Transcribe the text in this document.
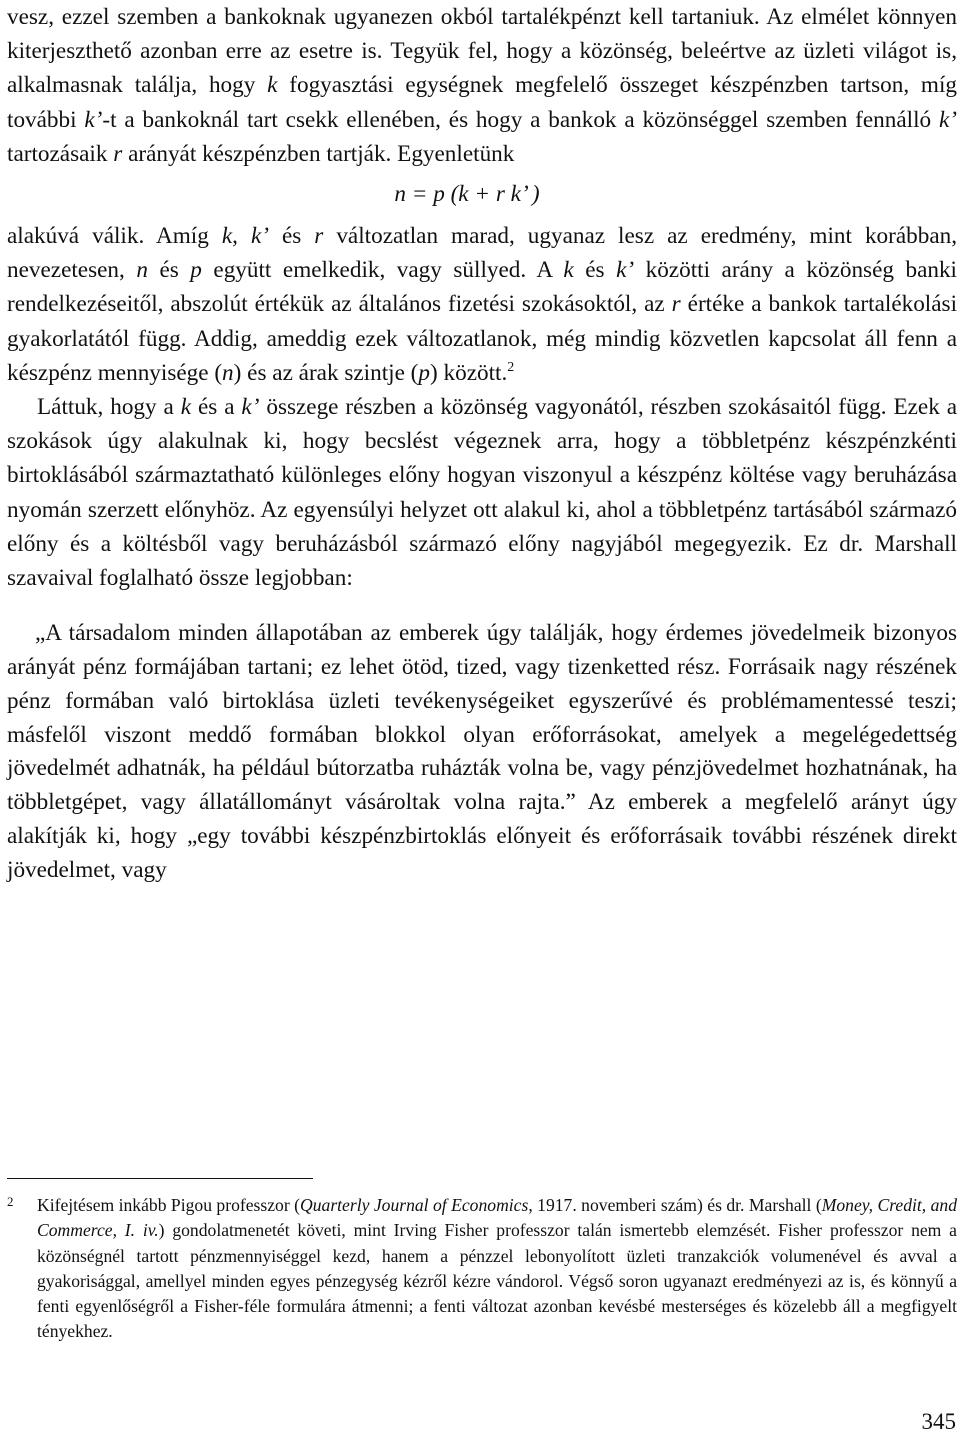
vesz, ezzel szemben a bankoknak ugyanezen okból tartalékpénzt kell tartaniuk. Az elmélet könnyen kiterjeszthető azonban erre az esetre is. Tegyük fel, hogy a közönség, beleértve az üzleti világot is, alkalmasnak találja, hogy k fogyasztási egységnek megfelelő összeget készpénzben tartson, míg további k’-t a bankoknál tart csekk ellenében, és hogy a bankok a közönséggel szemben fennálló k’ tartozásaik r arányát készpénzben tartják. Egyenletünk

n = p (k + r k’ )

alakúvá válik. Amíg k, k’ és r változatlan marad, ugyanaz lesz az eredmény, mint korábban, nevezetesen, n és p együtt emelkedik, vagy süllyed. A k és k’ közötti arány a közönség banki rendelkezéseitől, abszolút értékük az általános fizetési szokásoktól, az r értéke a bankok tartalékolási gyakorlatától függ. Addig, ameddig ezek változatlanok, még mindig közvetlen kapcsolat áll fenn a készpénz mennyisége (n) és az árak szintje (p) között.$^2$

Láttuk, hogy a k és a k’ összege részben a közönség vagyonától, részben szokásaitól függ. Ezek a szokások úgy alakulnak ki, hogy becslést végeznek arra, hogy a többletpénz készpénzkénti birtoklásából származtatható különleges előny hogyan viszonyul a készpénz költése vagy beruházása nyomán szerzett előnyhöz. Az egyensúlyi helyzet ott alakul ki, ahol a többletpénz tartásából származó előny és a költésből vagy beruházásból származó előny nagyjából megegyezik. Ez dr. Marshall szavaival foglalható össze legjobban:

„A társadalom minden állapotában az emberek úgy találják, hogy érdemes jövedelmeik bizonyos arányát pénz formájában tartani; ez lehet ötöd, tized, vagy tizenketted rész. Forrásaik nagy részének pénz formában való birtoklása üzleti tevékenységeiket egyszerűvé és problémamentessé teszi; másfelől viszont meddő formában blokkol olyan erőforrásokat, amelyek a megelégedettség jövedelmét adhatnák, ha például bútorzatba ruházták volna be, vagy pénzjövedelmet hozhatnának, ha többletgépet, vagy állatállományt vásároltak volna rajta.” Az emberek a megfelelő arányt úgy alakítják ki, hogy „egy további készpénzbirtoklás előnyeit és erőforrásaik további részének direkt jövedelmet, vagy

2 Kifejtésem inkább Pigou professzor (Quarterly Journal of Economics, 1917. novemberi szám) és dr. Marshall (Money, Credit, and Commerce, I. iv.) gondolatmenetét követi, mint Irving Fisher professzor talán ismertebb elemzését. Fisher professzor nem a közönségnél tartott pénzmennyiséggel kezd, hanem a pénzzel lebonyolított üzleti tranzakciók volumenével és avval a gyakorisággal, amellyel minden egyes pénzegység kézről kézre vándorol. Végső soron ugyanazt eredményezi az is, és könnyű a fenti egyenlőségről a Fisher-féle formulára átmenni; a fenti változat azonban kevésbé mesterséges és közelebb áll a megfigyelt tényekhez.
345
